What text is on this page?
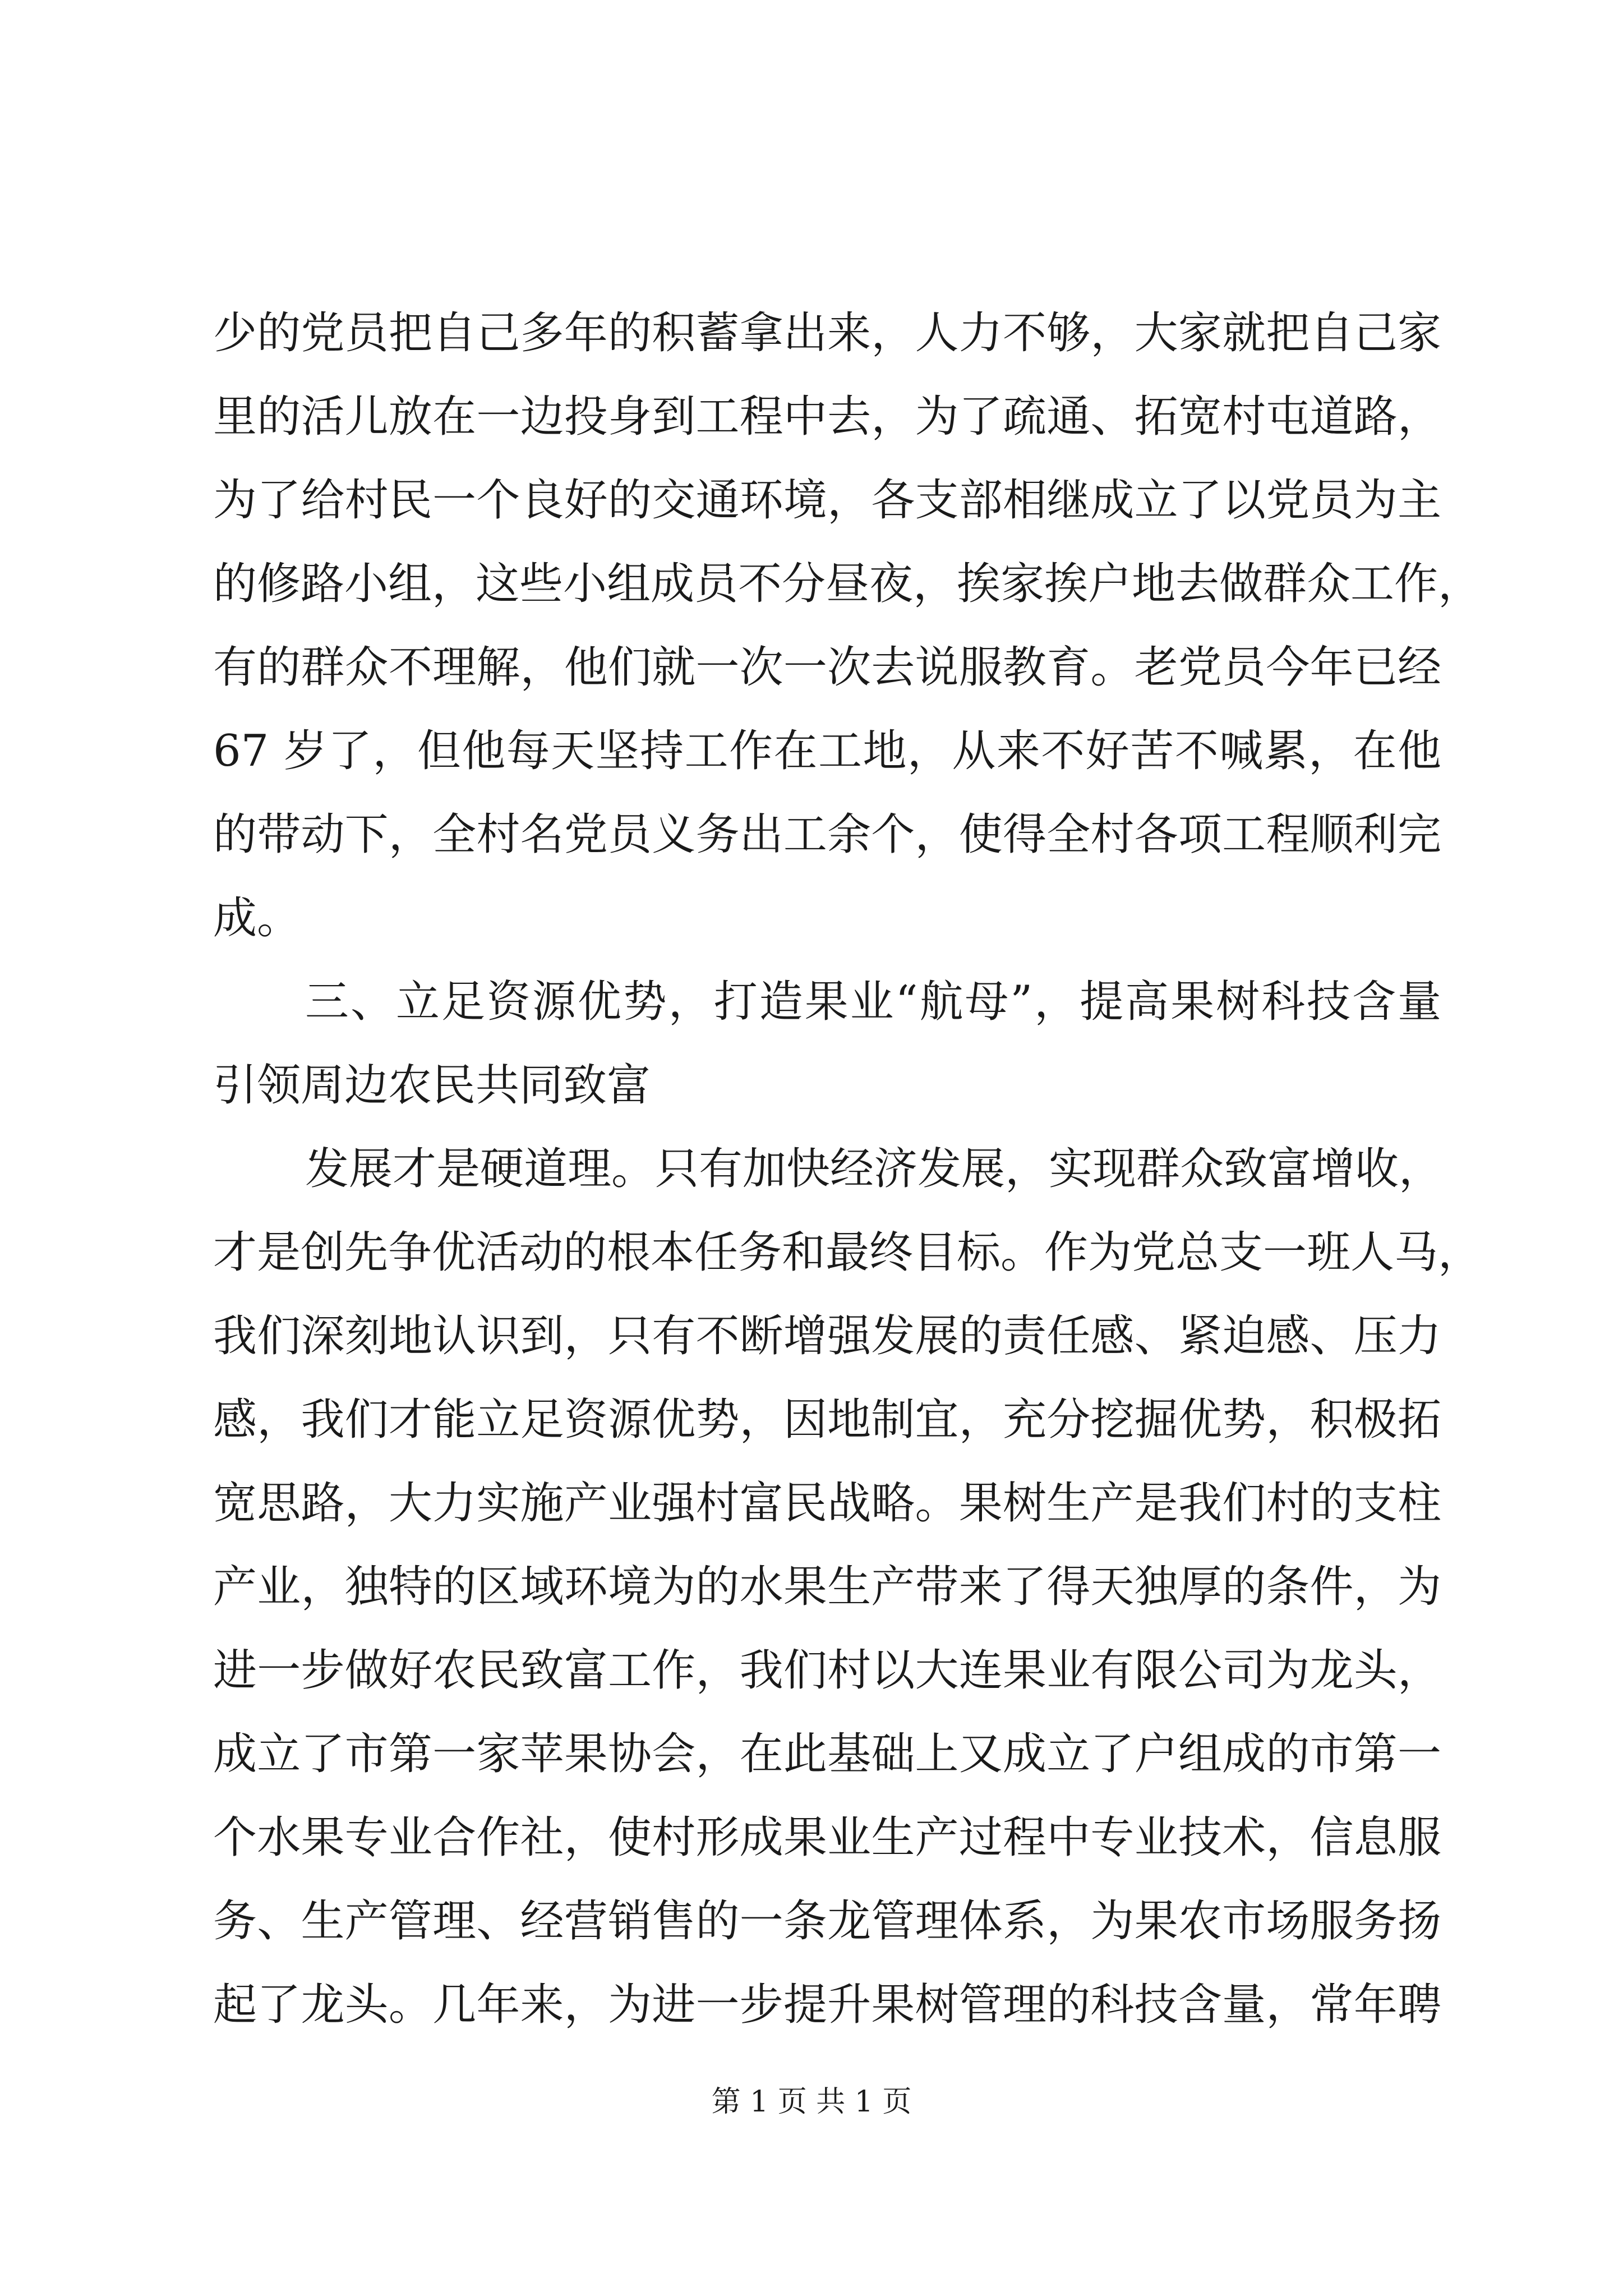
少的党员把自己多年的积蓄拿出来，人力不够，大家就把自己家
里的活儿放在一边投身到工程中去，为了疏通、拓宽村屯道路，
为了给村民一个良好的交通环境，各支部相继成立了以党员为主
的修路小组，这些小组成员不分昼夜，挨家挨户地去做群众工作，
有的群众不理解，他们就一次一次去说服教育。老党员今年已经
67 岁了，但他每天坚持工作在工地，从来不好苦不喊累，在他
的带动下，全村名党员义务出工余个，使得全村各项工程顺利完
成。
三、立足资源优势，打造果业“航母”，提高果树科技含量
引领周边农民共同致富
发展才是硬道理。只有加快经济发展，实现群众致富增收，
才是创先争优活动的根本任务和最终目标。作为党总支一班人马，
我们深刻地认识到，只有不断增强发展的责任感、紧迫感、压力
感，我们才能立足资源优势，因地制宜，充分挖掘优势，积极拓
宽思路，大力实施产业强村富民战略。果树生产是我们村的支柱
产业，独特的区域环境为的水果生产带来了得天独厚的条件，为
进一步做好农民致富工作，我们村以大连果业有限公司为龙头，
成立了市第一家苹果协会，在此基础上又成立了户组成的市第一
个水果专业合作社，使村形成果业生产过程中专业技术，信息服
务、生产管理、经营销售的一条龙管理体系，为果农市场服务扬
起了龙头。几年来，为进一步提升果树管理的科技含量，常年聘
第 1 页 共 1 页
